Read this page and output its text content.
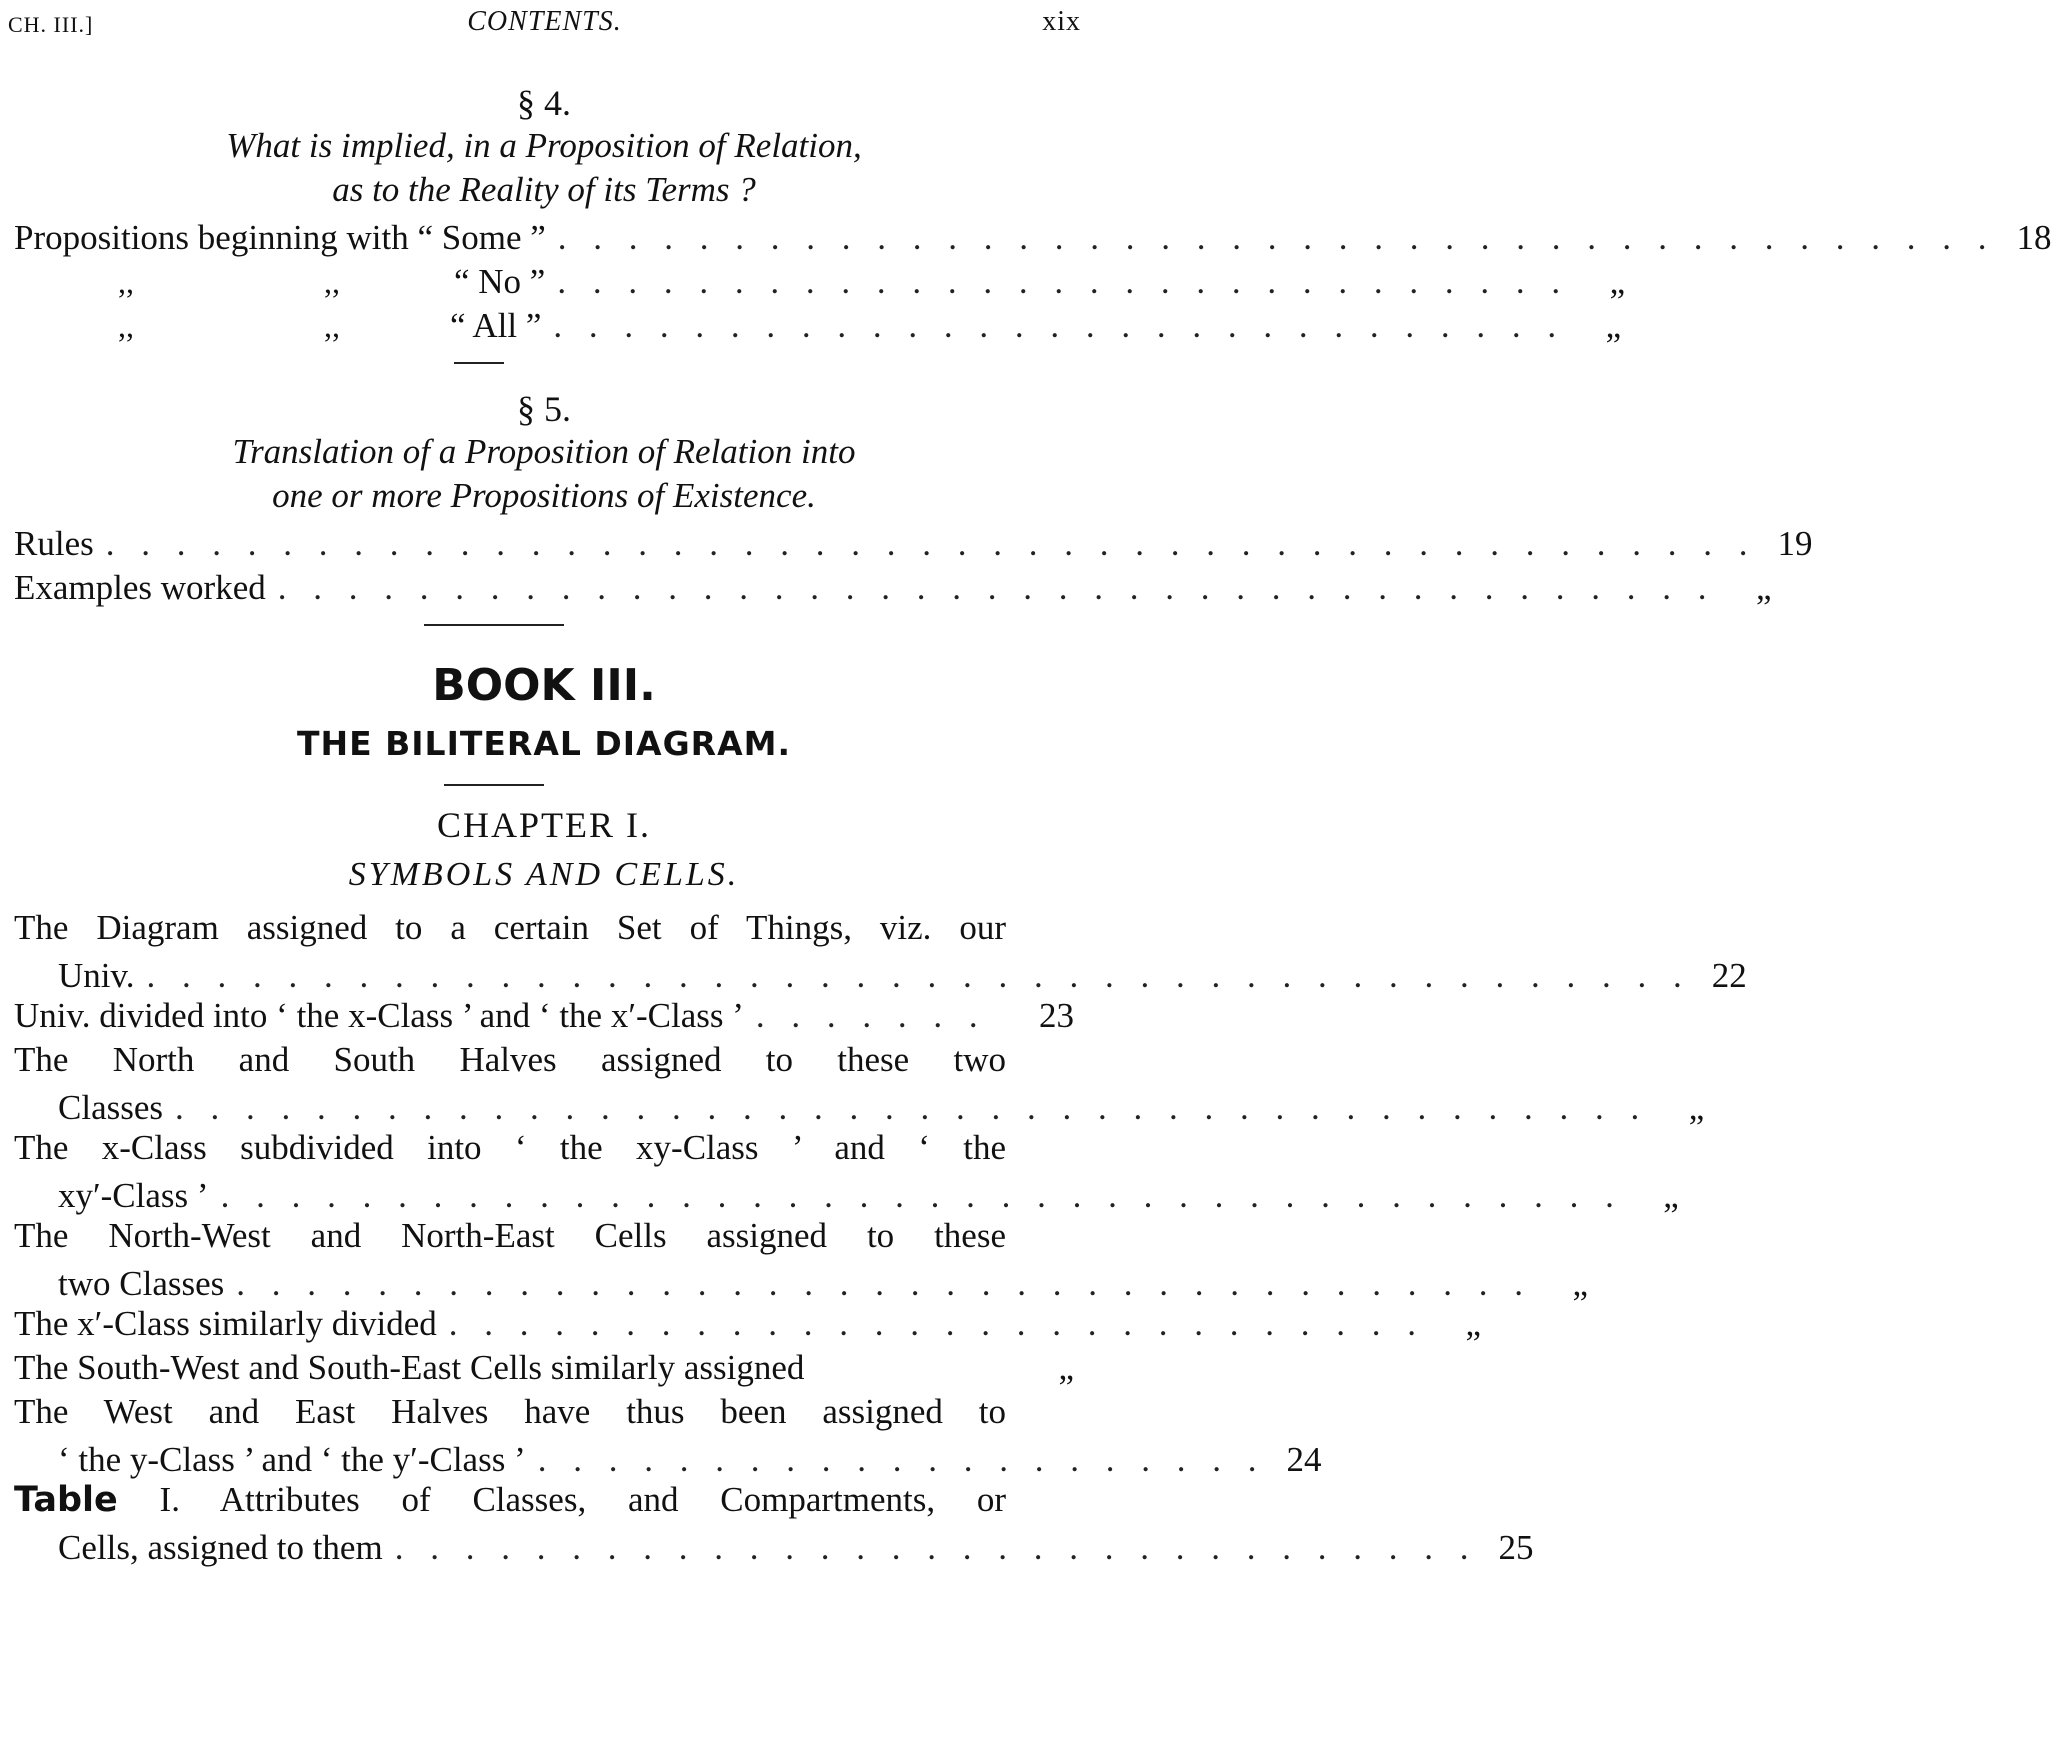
CH. III.]	CONTENTS.	xix
§ 4.
What is implied, in a Proposition of Relation,
as to the Reality of its Terms ?
Propositions beginning with “ Some ” . . . . . . . . . . . . . . . . . . . . . . . . . . . . . . . . . . . . . . . . . 18
,,	,,	“ No ” . . . . . . . . . . . . . . . . . . . . . . . . . . . . .	„
,,	,,	“ All ” . . . . . . . . . . . . . . . . . . . . . . . . . . . . .	„
§ 5.
Translation of a Proposition of Relation into
one or more Propositions of Existence.
Rules . . . . . . . . . . . . . . . . . . . . . . . . . . . . . . . . . . . . . . . . . . . . . . . 19
Examples worked . . . . . . . . . . . . . . . . . . . . . . . . . . . . . . . . . . . . . . . . .	„
BOOK III.
THE BILITERAL DIAGRAM.
CHAPTER I.
SYMBOLS AND CELLS.
The Diagram assigned to a certain Set of Things, viz. our
Univ. . . . . . . . . . . . . . . . . . . . . . . . . . . . . . . . . . . . . . . . . . . . . 22
Univ. divided into ‘ the x-Class ’ and ‘ the x′-Class ’ . . . . . . .	23
The North and South Halves assigned to these two
Classes . . . . . . . . . . . . . . . . . . . . . . . . . . . . . . . . . . . . . . . . . .	„
The x-Class subdivided into ‘ the xy-Class ’ and ‘ the
xy′-Class ’ . . . . . . . . . . . . . . . . . . . . . . . . . . . . . . . . . . . . . . . .	„
The North-West and North-East Cells assigned to these
two Classes . . . . . . . . . . . . . . . . . . . . . . . . . . . . . . . . . . . . .	„
The x′-Class similarly divided . . . . . . . . . . . . . . . . . . . . . . . . . . . .	„
The South-West and South-East Cells similarly assigned	„
The West and East Halves have thus been assigned to
‘ the y-Class ’ and ‘ the y′-Class ’ . . . . . . . . . . . . . . . . . . . . . 24
Table I. Attributes of Classes, and Compartments, or
Cells, assigned to them . . . . . . . . . . . . . . . . . . . . . . . . . . . . . . . 25
